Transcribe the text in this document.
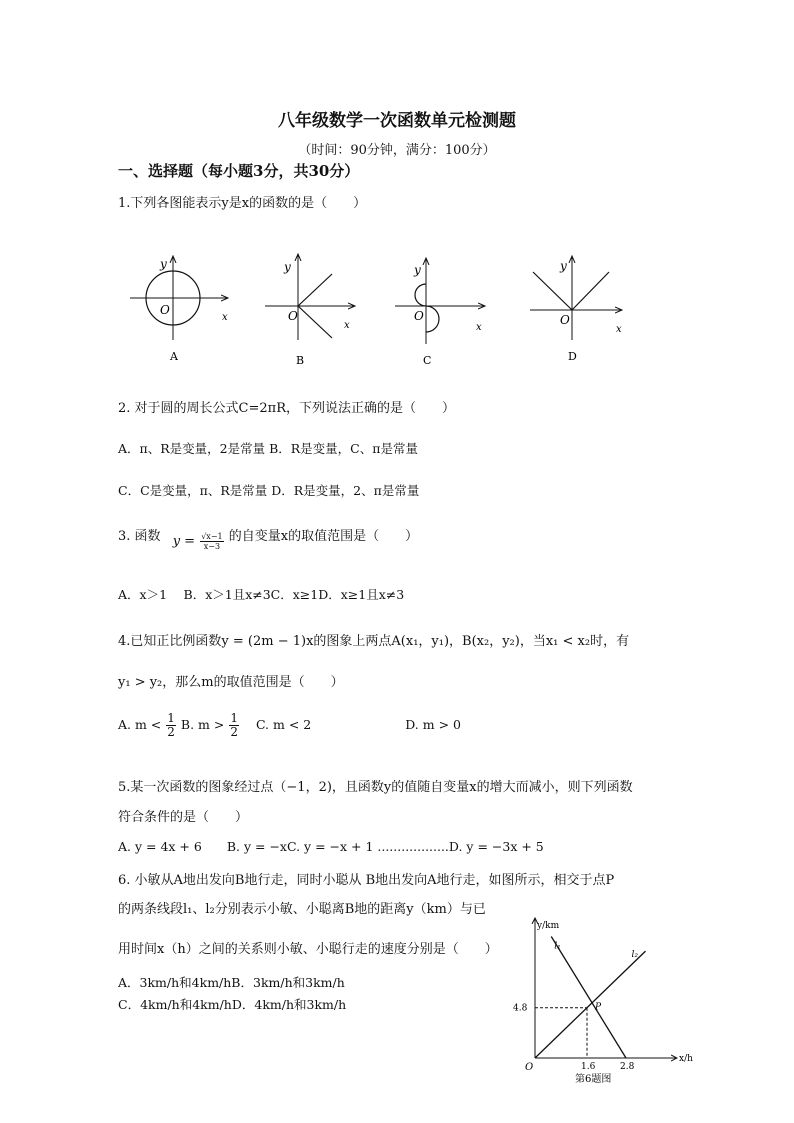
八年级数学一次函数单元检测题
（时间：90分钟，满分：100分）
一、选择题（每小题3分，共30分）
1.下列各图能表示y是x的函数的是（　　）
y
O
x
A
y
O
x
B
y
O
x
C
y
O
x
D
2. 对于圆的周长公式C=2πR，下列说法正确的是（　　）
A．π、R是变量，2是常量 B．R是变量，C、π是常量
C．C是变量，π、R是常量 D．R是变量，2、π是常量
3. 函数 $y = \frac{√x-1}{x-3}$ 的自变量x的取值范围是（　　）
A．x＞1　 B．x＞1且x≠3C．x≥1D．x≥1且x≠3
4.已知正比例函数y = (2m − 1)x的图象上两点A(x₁，y₁)，B(x₂，y₂)，当x₁ < x₂时，有
y₁ > y₂，那么m的取值范围是（　　）
A. $m < \frac{1}{2} B$. $m > \frac{1}{2} C$. m < 2	D. m > 0
5.某一次函数的图象经过点（−1，2)，且函数y的值随自变量x的增大而减小，则下列函数
符合条件的是（　　）
A. y = 4x + 6　　B. y = −xC. y = −x + 1 ..................D. y = −3x + 5
6. 小敏从A地出发向B地行走，同时小聪从 B地出发向A地行走，如图所示，相交于点P
的两条线段l₁、l₂分别表示小敏、小聪离B地的距离y（km）与已
用时间x（h）之间的关系则小敏、小聪行走的速度分别是（　　）
A．3km/h和4km/hB．3km/h和3km/h
C．4km/h和4km/hD．4km/h和3km/h
x/h
y/km
O
l₁
l₂
P
4.8
1.6	2.8
第6题图
